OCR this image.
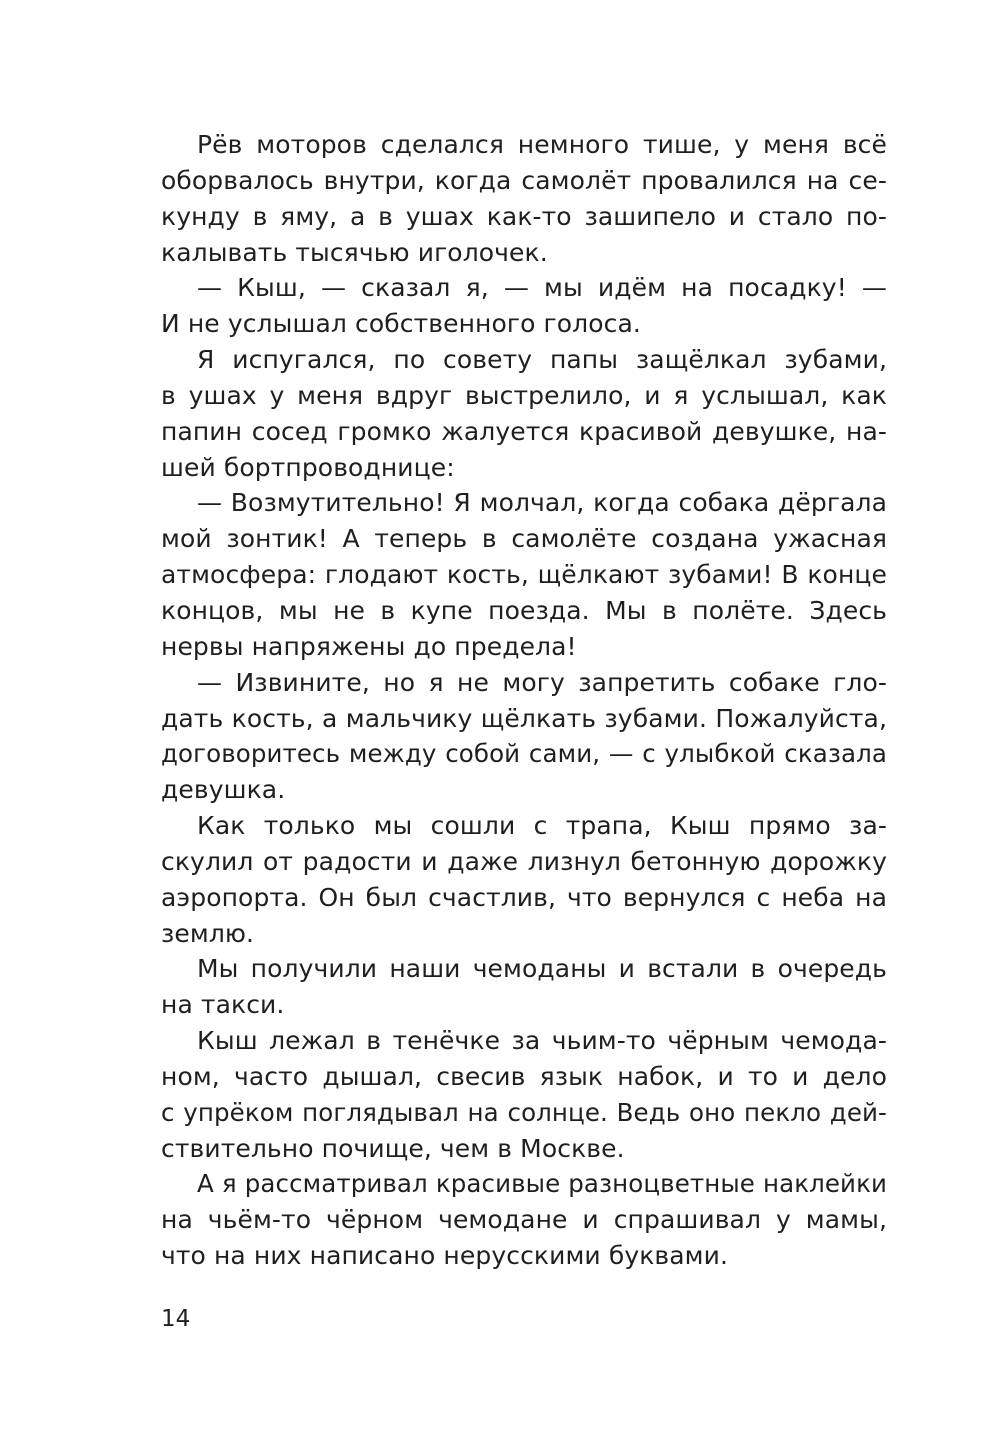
Рёв моторов сделался немного тише, у меня всё
оборвалось внутри, когда самолёт провалился на се-
кунду в яму, а в ушах как-то зашипело и стало по-
калывать тысячью иголочек.
— Кыш, — сказал я, — мы идём на посадку! —
И не услышал собственного голоса.
Я испугался, по совету папы защёлкал зубами,
в ушах у меня вдруг выстрелило, и я услышал, как
папин сосед громко жалуется красивой девушке, на-
шей бортпроводнице:
— Возмутительно! Я молчал, когда собака дёргала
мой зонтик! А теперь в самолёте создана ужасная
атмосфера: глодают кость, щёлкают зубами! В конце
концов, мы не в купе поезда. Мы в полёте. Здесь
нервы напряжены до предела!
— Извините, но я не могу запретить собаке гло-
дать кость, а мальчику щёлкать зубами. Пожалуйста,
договоритесь между собой сами, — с улыбкой сказала
девушка.
Как только мы сошли с трапа, Кыш прямо за-
скулил от радости и даже лизнул бетонную дорожку
аэропорта. Он был счастлив, что вернулся с неба на
землю.
Мы получили наши чемоданы и встали в очередь
на такси.
Кыш лежал в тенёчке за чьим-то чёрным чемода-
ном, часто дышал, свесив язык набок, и то и дело
с упрёком поглядывал на солнце. Ведь оно пекло дей-
ствительно почище, чем в Москве.
А я рассматривал красивые разноцветные наклейки
на чьём-то чёрном чемодане и спрашивал у мамы,
что на них написано нерусскими буквами.
14
